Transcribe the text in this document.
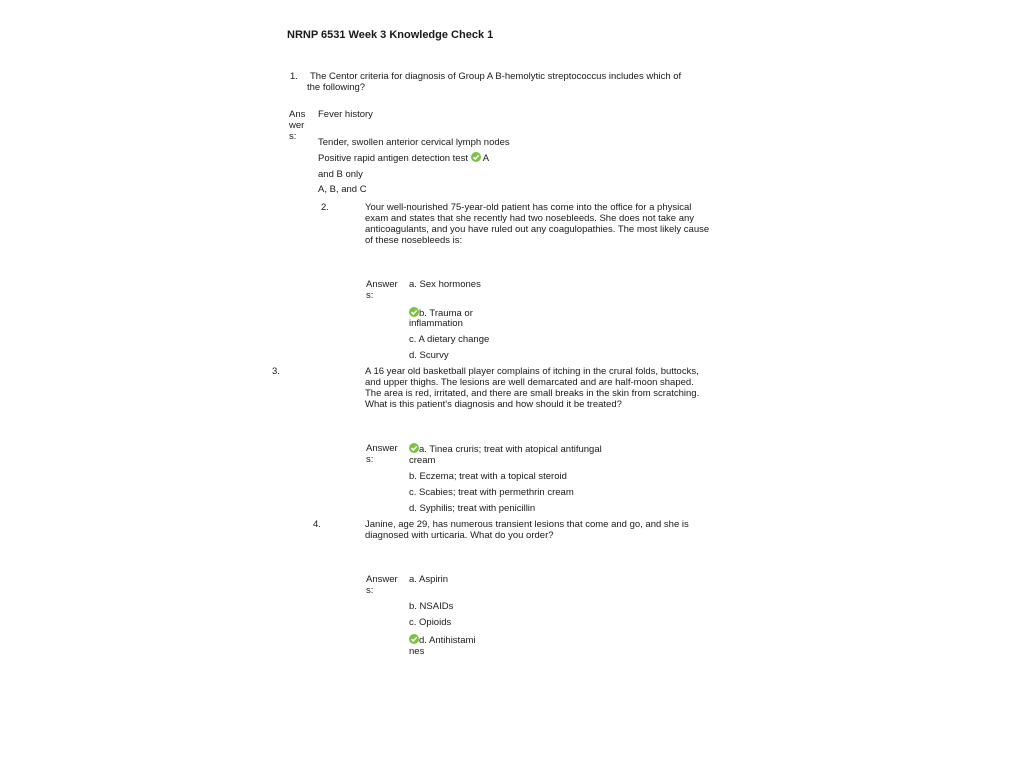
NRNP 6531 Week 3 Knowledge Check 1
1. The Centor criteria for diagnosis of Group A B-hemolytic streptococcus includes which of
the following?
Ans
wer
s:
Fever history
Tender, swollen anterior cervical lymph nodes
Positive rapid antigen detection test A
and B only
A, B, and C
2.	Your well-nourished 75-year-old patient has come into the office for a physical exam and states that she recently had two nosebleeds. She does not take any anticoagulants, and you have ruled out any coagulopathies. The most likely cause of these nosebleeds is:
Answer
s:
a. Sex hormones
b. Trauma or
inflammation
c. A dietary change
d. Scurvy
3.	A 16 year old basketball player complains of itching in the crural folds, buttocks, and upper thighs. The lesions are well demarcated and are half-moon shaped. The area is red, irritated, and there are small breaks in the skin from scratching. What is this patient's diagnosis and how should it be treated?
Answer
s:
a. Tinea cruris; treat with atopical antifungal
cream
b. Eczema; treat with a topical steroid
c. Scabies; treat with permethrin cream
d. Syphilis; treat with penicillin
4.	Janine, age 29, has numerous transient lesions that come and go, and she is diagnosed with urticaria. What do you order?
Answer
s:
a. Aspirin
b. NSAIDs
c. Opioids
d. Antihistami
nes
